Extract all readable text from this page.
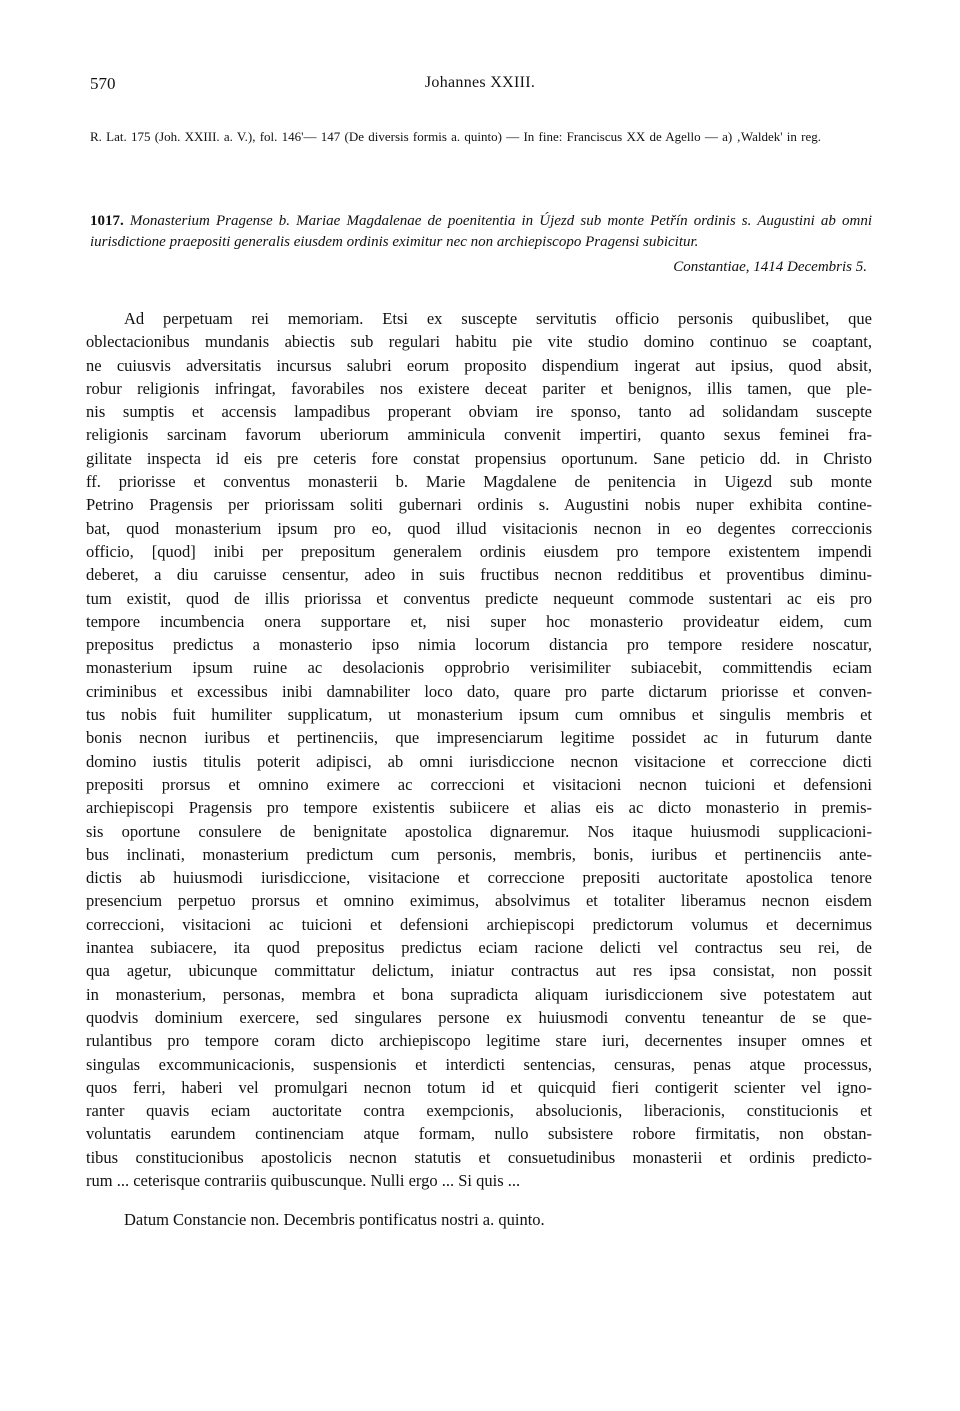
570	Johannes XXIII.
R. Lat. 175 (Joh. XXIII. a. V.), fol. 146'— 147 (De diversis formis a. quinto) — In fine: Franciscus XX de Agello — a) ‚Waldek' in reg.
1017. Monasterium Pragense b. Mariae Magdalenae de poenitentia in Újezd sub monte Petřín ordinis s. Augustini ab omni iurisdictione praepositi generalis eiusdem ordinis eximitur nec non archiepiscopo Pragensi subicitur.
Constantiae, 1414 Decembris 5.
Ad perpetuam rei memoriam. Etsi ex suscepte servitutis officio personis quibuslibet, que
oblectacionibus mundanis abiectis sub regulari habitu pie vite studio domino continuo se coaptant,
ne cuiusvis adversitatis incursus salubri eorum proposito dispendium ingerat aut ipsius, quod absit,
robur religionis infringat, favorabiles nos existere deceat pariter et benignos, illis tamen, que ple-
nis sumptis et accensis lampadibus properant obviam ire sponso, tanto ad solidandam suscepte
religionis sarcinam favorum uberiorum amminicula convenit impertiri, quanto sexus feminei fra-
gilitate inspecta id eis pre ceteris fore constat propensius oportunum. Sane peticio dd. in Christo
ff. priorisse et conventus monasterii b. Marie Magdalene de penitencia in Uigezd sub monte
Petrino Pragensis per priorissam soliti gubernari ordinis s. Augustini nobis nuper exhibita contine-
bat, quod monasterium ipsum pro eo, quod illud visitacionis necnon in eo degentes correccionis
officio, [quod] inibi per prepositum generalem ordinis eiusdem pro tempore existentem impendi
deberet, a diu caruisse censentur, adeo in suis fructibus necnon redditibus et proventibus diminu-
tum existit, quod de illis priorissa et conventus predicte nequeunt commode sustentari ac eis pro
tempore incumbencia onera supportare et, nisi super hoc monasterio provideatur eidem, cum
prepositus predictus a monasterio ipso nimia locorum distancia pro tempore residere noscatur,
monasterium ipsum ruine ac desolacionis opprobrio verisimiliter subiacebit, committendis eciam
criminibus et excessibus inibi damnabiliter loco dato, quare pro parte dictarum priorisse et conven-
tus nobis fuit humiliter supplicatum, ut monasterium ipsum cum omnibus et singulis membris et
bonis necnon iuribus et pertinenciis, que impresenciarum legitime possidet ac in futurum dante
domino iustis titulis poterit adipisci, ab omni iurisdiccione necnon visitacione et correccione dicti
prepositi prorsus et omnino eximere ac correccioni et visitacioni necnon tuicioni et defensioni
archiepiscopi Pragensis pro tempore existentis subiicere et alias eis ac dicto monasterio in premis-
sis oportune consulere de benignitate apostolica dignaremur. Nos itaque huiusmodi supplicacioni-
bus inclinati, monasterium predictum cum personis, membris, bonis, iuribus et pertinenciis ante-
dictis ab huiusmodi iurisdiccione, visitacione et correccione prepositi auctoritate apostolica tenore
presencium perpetuo prorsus et omnino eximimus, absolvimus et totaliter liberamus necnon eisdem
correccioni, visitacioni ac tuicioni et defensioni archiepiscopi predictorum volumus et decernimus
inantea subiacere, ita quod prepositus predictus eciam racione delicti vel contractus seu rei, de
qua agetur, ubicunque committatur delictum, iniatur contractus aut res ipsa consistat, non possit
in monasterium, personas, membra et bona supradicta aliquam iurisdiccionem sive potestatem aut
quodvis dominium exercere, sed singulares persone ex huiusmodi conventu teneantur de se que-
rulantibus pro tempore coram dicto archiepiscopo legitime stare iuri, decernentes insuper omnes et
singulas excommunicacionis, suspensionis et interdicti sentencias, censuras, penas atque processus,
quos ferri, haberi vel promulgari necnon totum id et quicquid fieri contigerit scienter vel igno-
ranter quavis eciam auctoritate contra exempcionis, absolucionis, liberacionis, constitucionis et
voluntatis earundem continenciam atque formam, nullo subsistere robore firmitatis, non obstan-
tibus constitucionibus apostolicis necnon statutis et consuetudinibus monasterii et ordinis predicto-
rum ... ceterisque contrariis quibuscunque. Nulli ergo ... Si quis ...
Datum Constancie non. Decembris pontificatus nostri a. quinto.
